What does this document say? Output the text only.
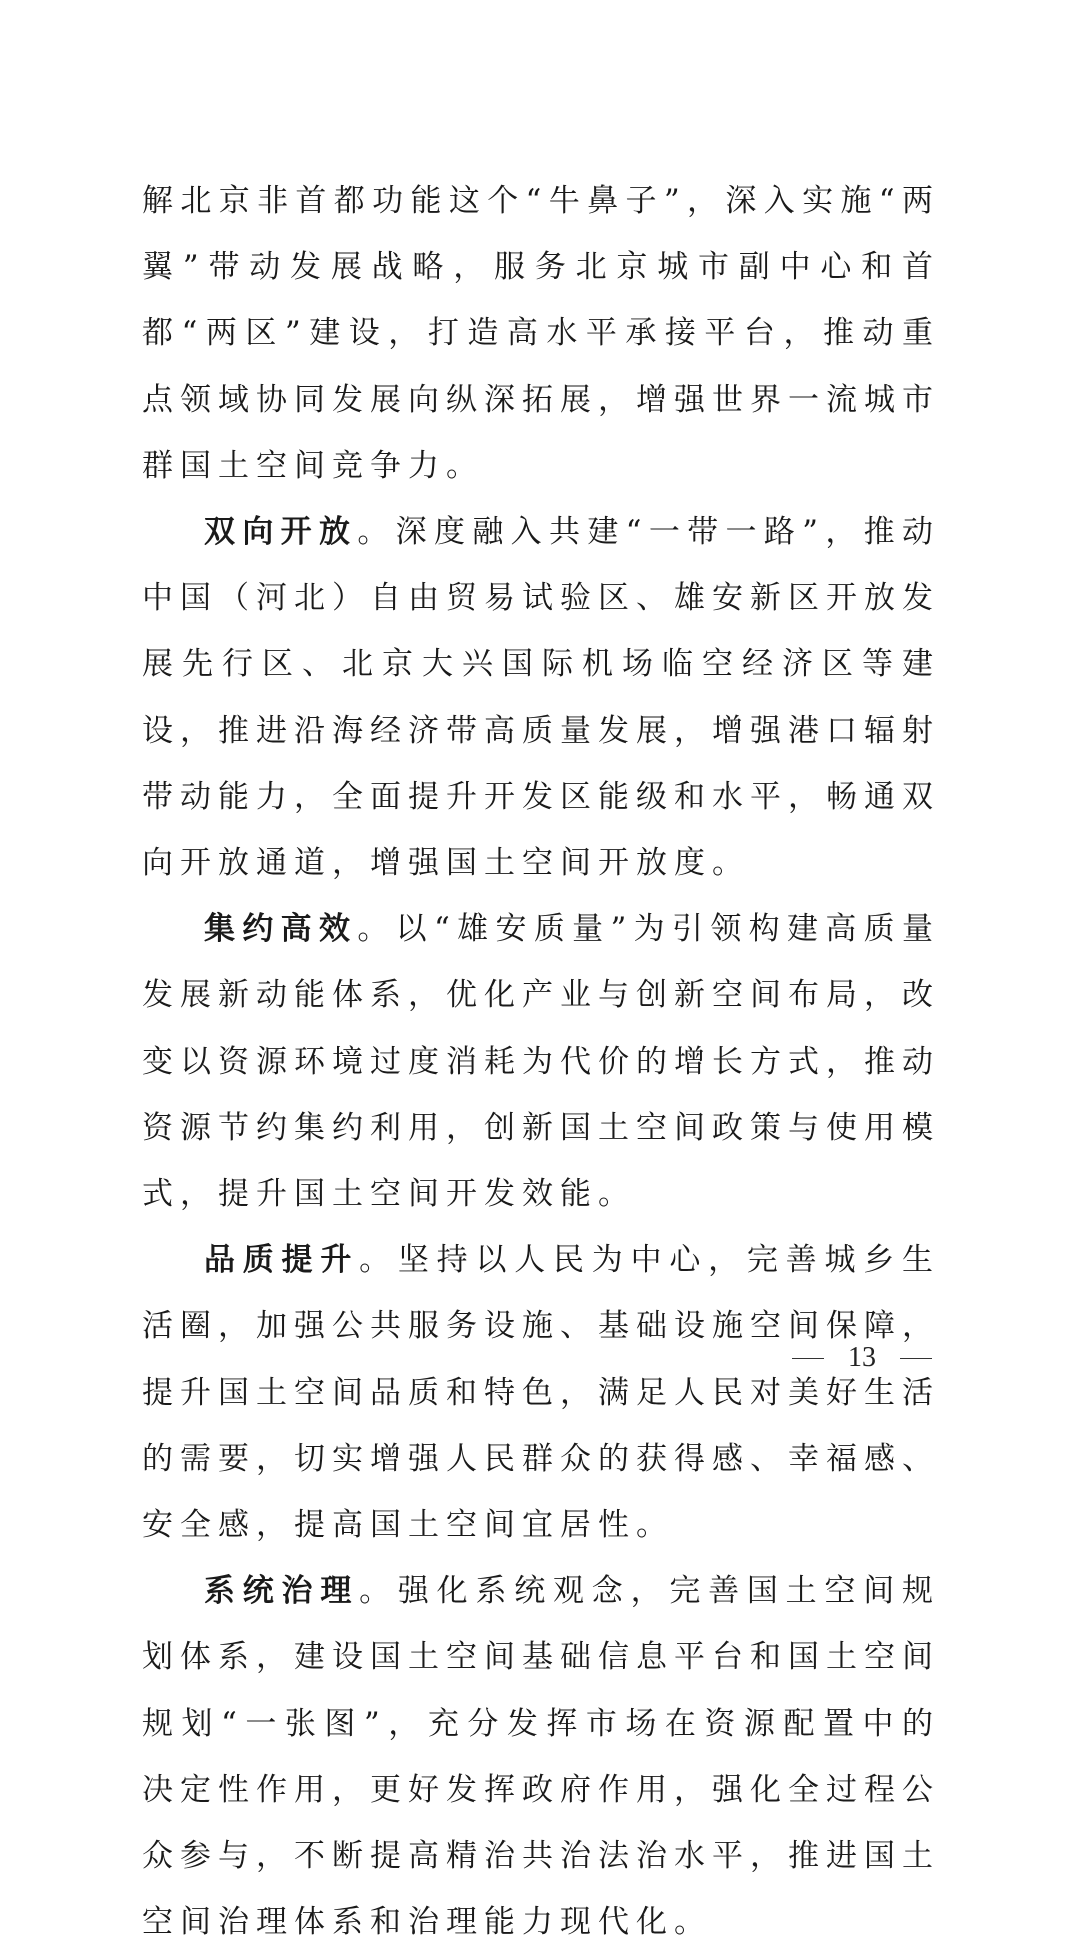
解北京非首都功能这个“牛鼻子”，深入实施“两翼”带动发展战略，服务北京城市副中心和首都“两区”建设，打造高水平承接平台，推动重点领域协同发展向纵深拓展，增强世界一流城市群国土空间竞争力。

双向开放。深度融入共建“一带一路”，推动中国（河北）自由贸易试验区、雄安新区开放发展先行区、北京大兴国际机场临空经济区等建设，推进沿海经济带高质量发展，增强港口辐射带动能力，全面提升开发区能级和水平，畅通双向开放通道，增强国土空间开放度。

集约高效。以“雄安质量”为引领构建高质量发展新动能体系，优化产业与创新空间布局，改变以资源环境过度消耗为代价的增长方式，推动资源节约集约利用，创新国土空间政策与使用模式，提升国土空间开发效能。

品质提升。坚持以人民为中心，完善城乡生活圈，加强公共服务设施、基础设施空间保障，提升国土空间品质和特色，满足人民对美好生活的需要，切实增强人民群众的获得感、幸福感、安全感，提高国土空间宜居性。

系统治理。强化系统观念，完善国土空间规划体系，建设国土空间基础信息平台和国土空间规划“一张图”，充分发挥市场在资源配置中的决定性作用，更好发挥政府作用，强化全过程公众参与，不断提高精治共治法治水平，推进国土空间治理体系和治理能力现代化。

13
